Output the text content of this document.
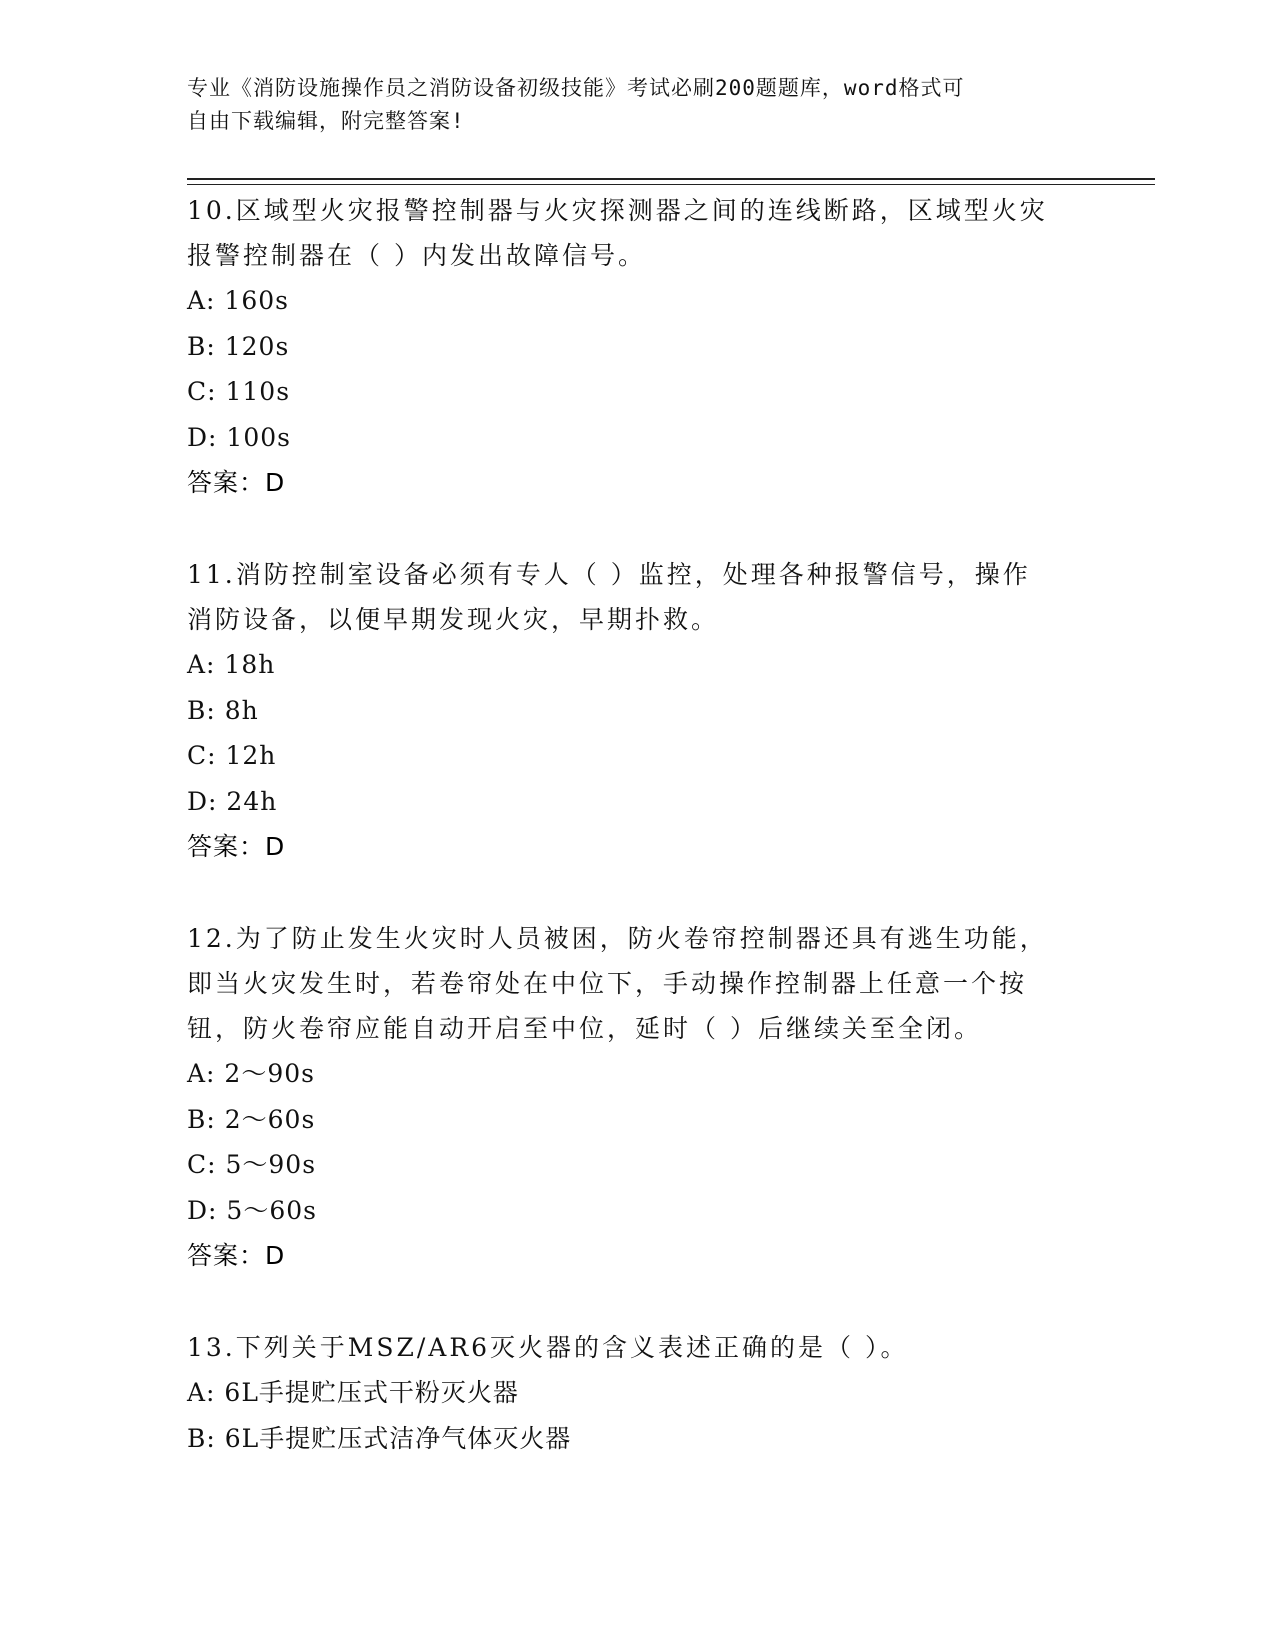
专业《消防设施操作员之消防设备初级技能》考试必刷200题题库，word格式可
自由下载编辑，附完整答案!

10.区域型火灾报警控制器与火灾探测器之间的连线断路，区域型火灾

报警控制器在（ ）内发出故障信号。

A: 160s

B: 120s

C: 110s

D: 100s

答案：D

11.消防控制室设备必须有专人（ ）监控，处理各种报警信号，操作

消防设备，以便早期发现火灾，早期扑救。

A: 18h

B: 8h

C: 12h

D: 24h

答案：D

12.为了防止发生火灾时人员被困，防火卷帘控制器还具有逃生功能，

即当火灾发生时，若卷帘处在中位下，手动操作控制器上任意一个按

钮，防火卷帘应能自动开启至中位，延时（ ）后继续关至全闭。

A: 2～90s

B: 2～60s

C: 5～90s

D: 5～60s

答案：D

13.下列关于MSZ/AR6灭火器的含义表述正确的是（ ）。

A: 6L手提贮压式干粉灭火器

B: 6L手提贮压式洁净气体灭火器
